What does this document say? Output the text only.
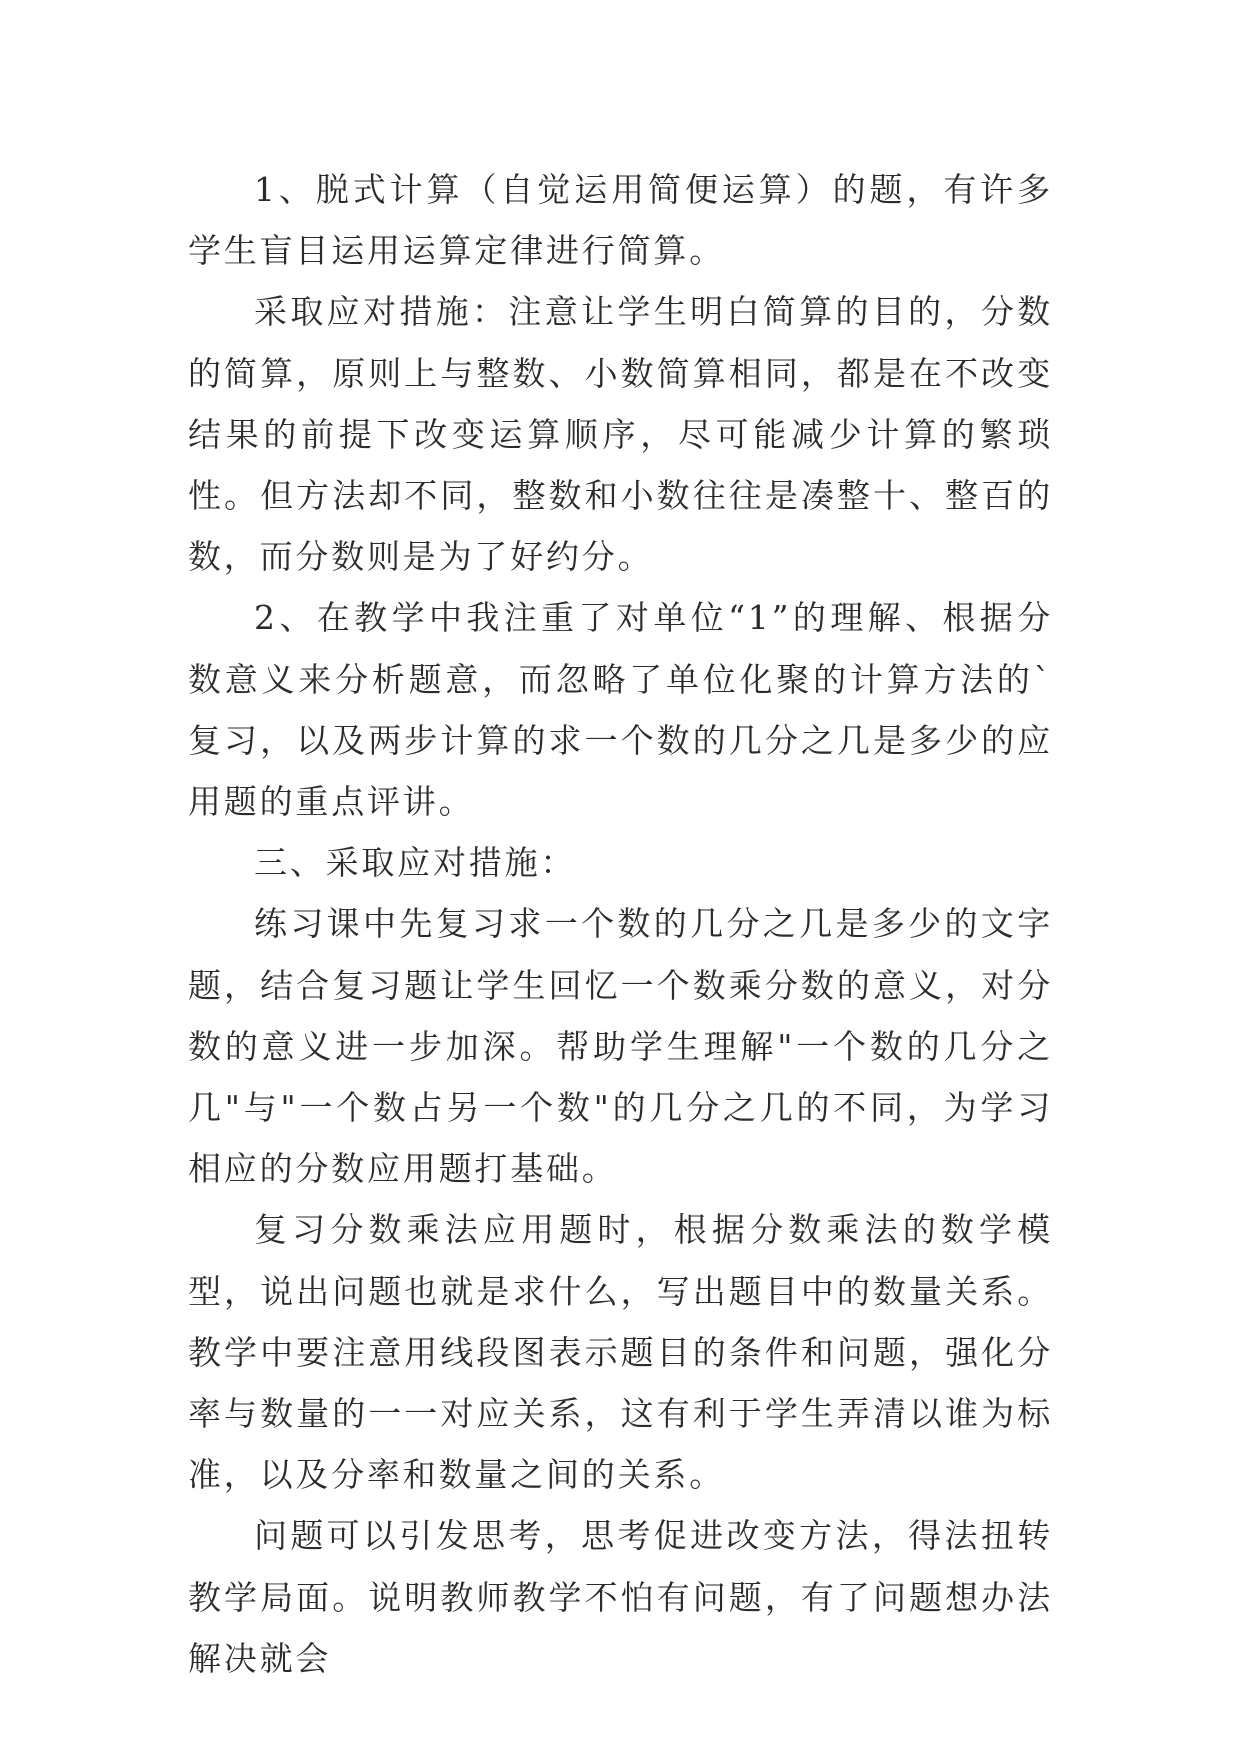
1、脱式计算（自觉运用简便运算）的题，有许多学生盲目运用运算定律进行简算。

采取应对措施：注意让学生明白简算的目的，分数的简算，原则上与整数、小数简算相同，都是在不改变结果的前提下改变运算顺序，尽可能减少计算的繁琐性。但方法却不同，整数和小数往往是凑整十、整百的数，而分数则是为了好约分。

2、在教学中我注重了对单位“1”的理解、根据分数意义来分析题意，而忽略了单位化聚的计算方法的`复习，以及两步计算的求一个数的几分之几是多少的应用题的重点评讲。

三、采取应对措施：

练习课中先复习求一个数的几分之几是多少的文字题，结合复习题让学生回忆一个数乘分数的意义，对分数的意义进一步加深。帮助学生理解"一个数的几分之几"与"一个数占另一个数"的几分之几的不同，为学习相应的分数应用题打基础。

复习分数乘法应用题时，根据分数乘法的数学模型，说出问题也就是求什么，写出题目中的数量关系。教学中要注意用线段图表示题目的条件和问题，强化分率与数量的一一对应关系，这有利于学生弄清以谁为标准，以及分率和数量之间的关系。

问题可以引发思考，思考促进改变方法，得法扭转教学局面。说明教师教学不怕有问题，有了问题想办法解决就会
